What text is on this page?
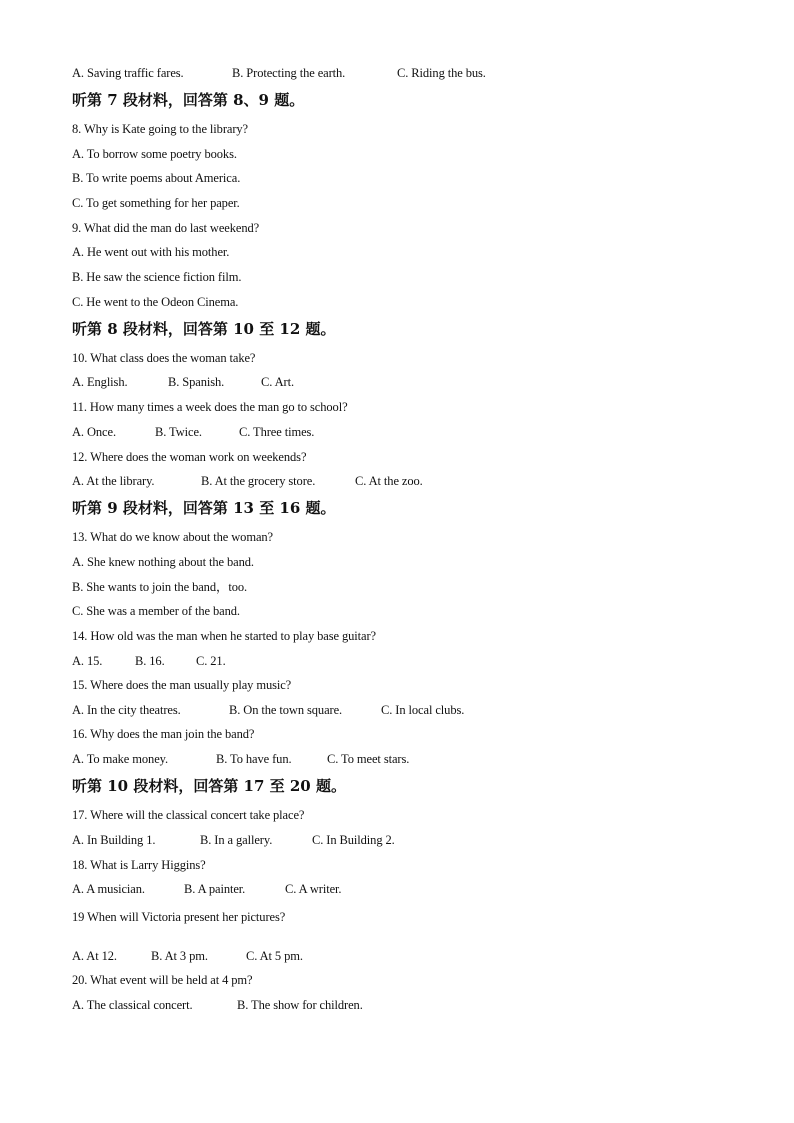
A. Saving traffic fares.	B. Protecting the earth.	C. Riding the bus.
听第 7 段材料，回答第 8、9 题。
8. Why is Kate going to the library?
A. To borrow some poetry books.
B. To write poems about America.
C. To get something for her paper.
9. What did the man do last weekend?
A. He went out with his mother.
B. He saw the science fiction film.
C. He went to the Odeon Cinema.
听第 8 段材料，回答第 10 至 12 题。
10. What class does the woman take?
A. English.	B. Spanish.	C. Art.
11. How many times a week does the man go to school?
A. Once.	B. Twice.	C. Three times.
12. Where does the woman work on weekends?
A. At the library.	B. At the grocery store.	C. At the zoo.
听第 9 段材料，回答第 13 至 16 题。
13. What do we know about the woman?
A. She knew nothing about the band.
B. She wants to join the band，too.
C. She was a member of the band.
14. How old was the man when he started to play base guitar?
A. 15.	B. 16.	C. 21.
15. Where does the man usually play music?
A. In the city theatres.	B. On the town square.	C. In local clubs.
16. Why does the man join the band?
A. To make money.	B. To have fun.	C. To meet stars.
听第 10 段材料，回答第 17 至 20 题。
17. Where will the classical concert take place?
A. In Building 1.	B. In a gallery.	C. In Building 2.
18. What is Larry Higgins?
A. A musician.	B. A painter.	C. A writer.
19 When will Victoria present her pictures?
A. At 12.	B. At 3 pm.	C. At 5 pm.
20. What event will be held at 4 pm?
A. The classical concert.	B. The show for children.
